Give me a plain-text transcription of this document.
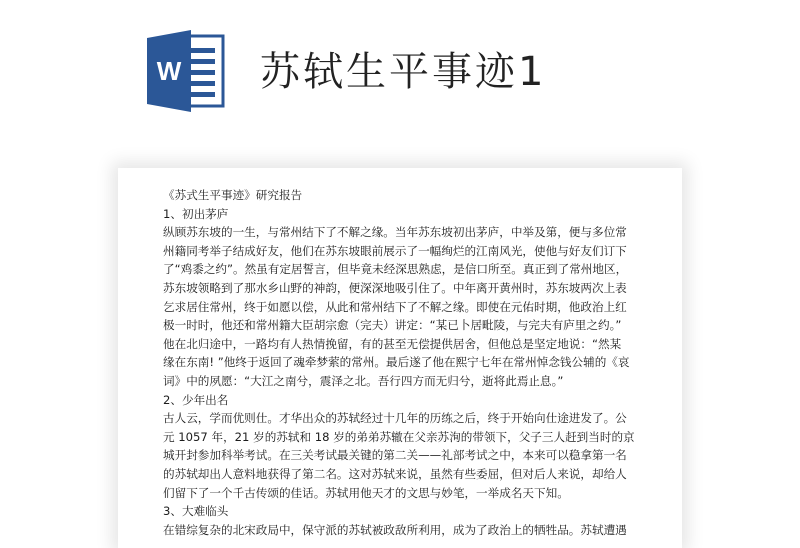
W 苏轼生平事迹1
《苏式生平事迹》研究报告
1、初出茅庐
纵顾苏东坡的一生，与常州结下了不解之缘。当年苏东坡初出茅庐，中举及第，便与多位常
州籍同考举子结成好友，他们在苏东坡眼前展示了一幅绚烂的江南风光，使他与好友们订下
了“鸡黍之约”。然虽有定居誓言，但毕竟未经深思熟虑，是信口所至。真正到了常州地区，
苏东坡领略到了那水乡山野的神韵，便深深地吸引住了。中年离开黄州时，苏东坡两次上表
乞求居住常州，终于如愿以偿，从此和常州结下了不解之缘。即使在元佑时期，他政治上红
极一时时，他还和常州籍大臣胡宗愈（完夫）讲定：“某已卜居毗陵，与完夫有庐里之约。”
他在北归途中，一路均有人热情挽留，有的甚至无偿提供居舍，但他总是坚定地说：“然某
缘在东南! ”他终于返回了魂牵梦萦的常州。最后遂了他在熙宁七年在常州悼念钱公辅的《哀
词》中的夙愿：“大江之南兮，震泽之北。吾行四方而无归兮，逝将此焉止息。”
2、少年出名
古人云，学而优则仕。才华出众的苏轼经过十几年的历练之后，终于开始向仕途进发了。公
元 1057 年，21 岁的苏轼和 18 岁的弟弟苏辙在父亲苏洵的带领下，父子三人赶到当时的京
城开封参加科举考试。在三关考试最关键的第二关——礼部考试之中，本来可以稳拿第一名
的苏轼却出人意料地获得了第二名。这对苏轼来说，虽然有些委屈，但对后人来说，却给人
们留下了一个千古传颂的佳话。苏轼用他天才的文思与妙笔，一举成名天下知。
3、大难临头
在错综复杂的北宋政局中，保守派的苏轼被政敌所利用，成为了政治上的牺牲品。苏轼遭遇
